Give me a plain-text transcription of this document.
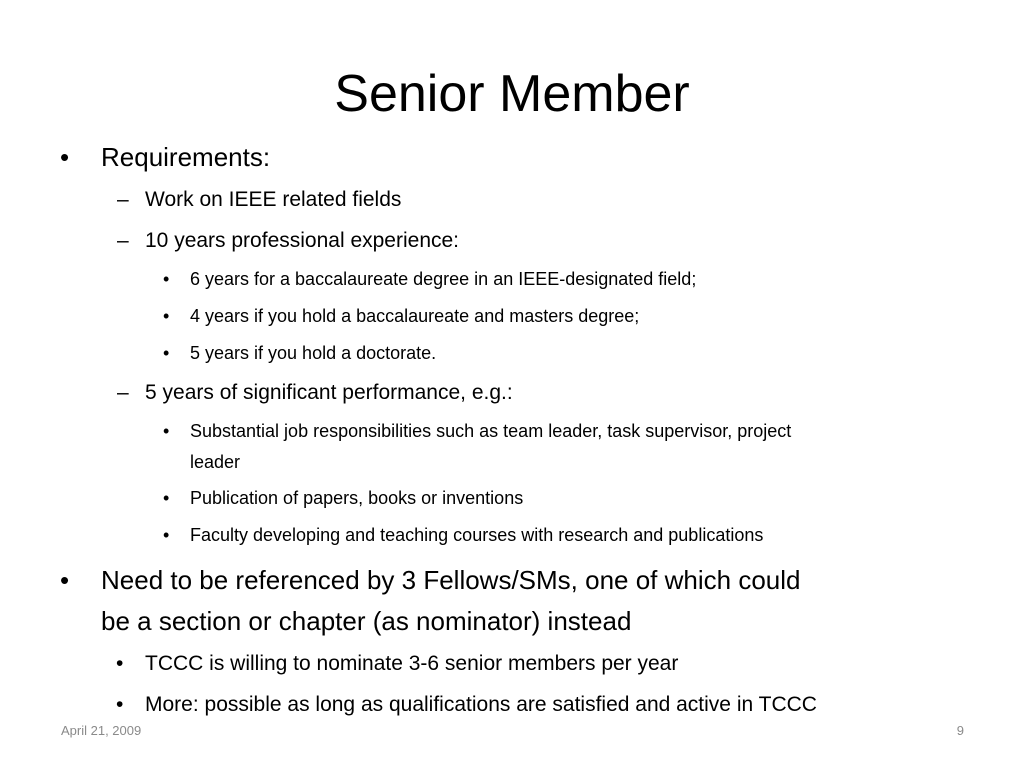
Senior Member
• Requirements:
– Work on IEEE related fields
– 10 years professional experience:
• 6 years for a baccalaureate degree in an IEEE-designated field;
• 4 years if you hold a baccalaureate and masters degree;
• 5 years if you hold a doctorate.
– 5 years of significant performance, e.g.:
• Substantial job responsibilities such as team leader, task supervisor, project
leader
• Publication of papers, books or inventions
• Faculty developing and teaching courses with research and publications
• Need to be referenced by 3 Fellows/SMs, one of which could
be a section or chapter (as nominator) instead
• TCCC is willing to nominate 3-6 senior members per year
• More: possible as long as qualifications are satisfied and active in TCCC
April 21, 2009	9
